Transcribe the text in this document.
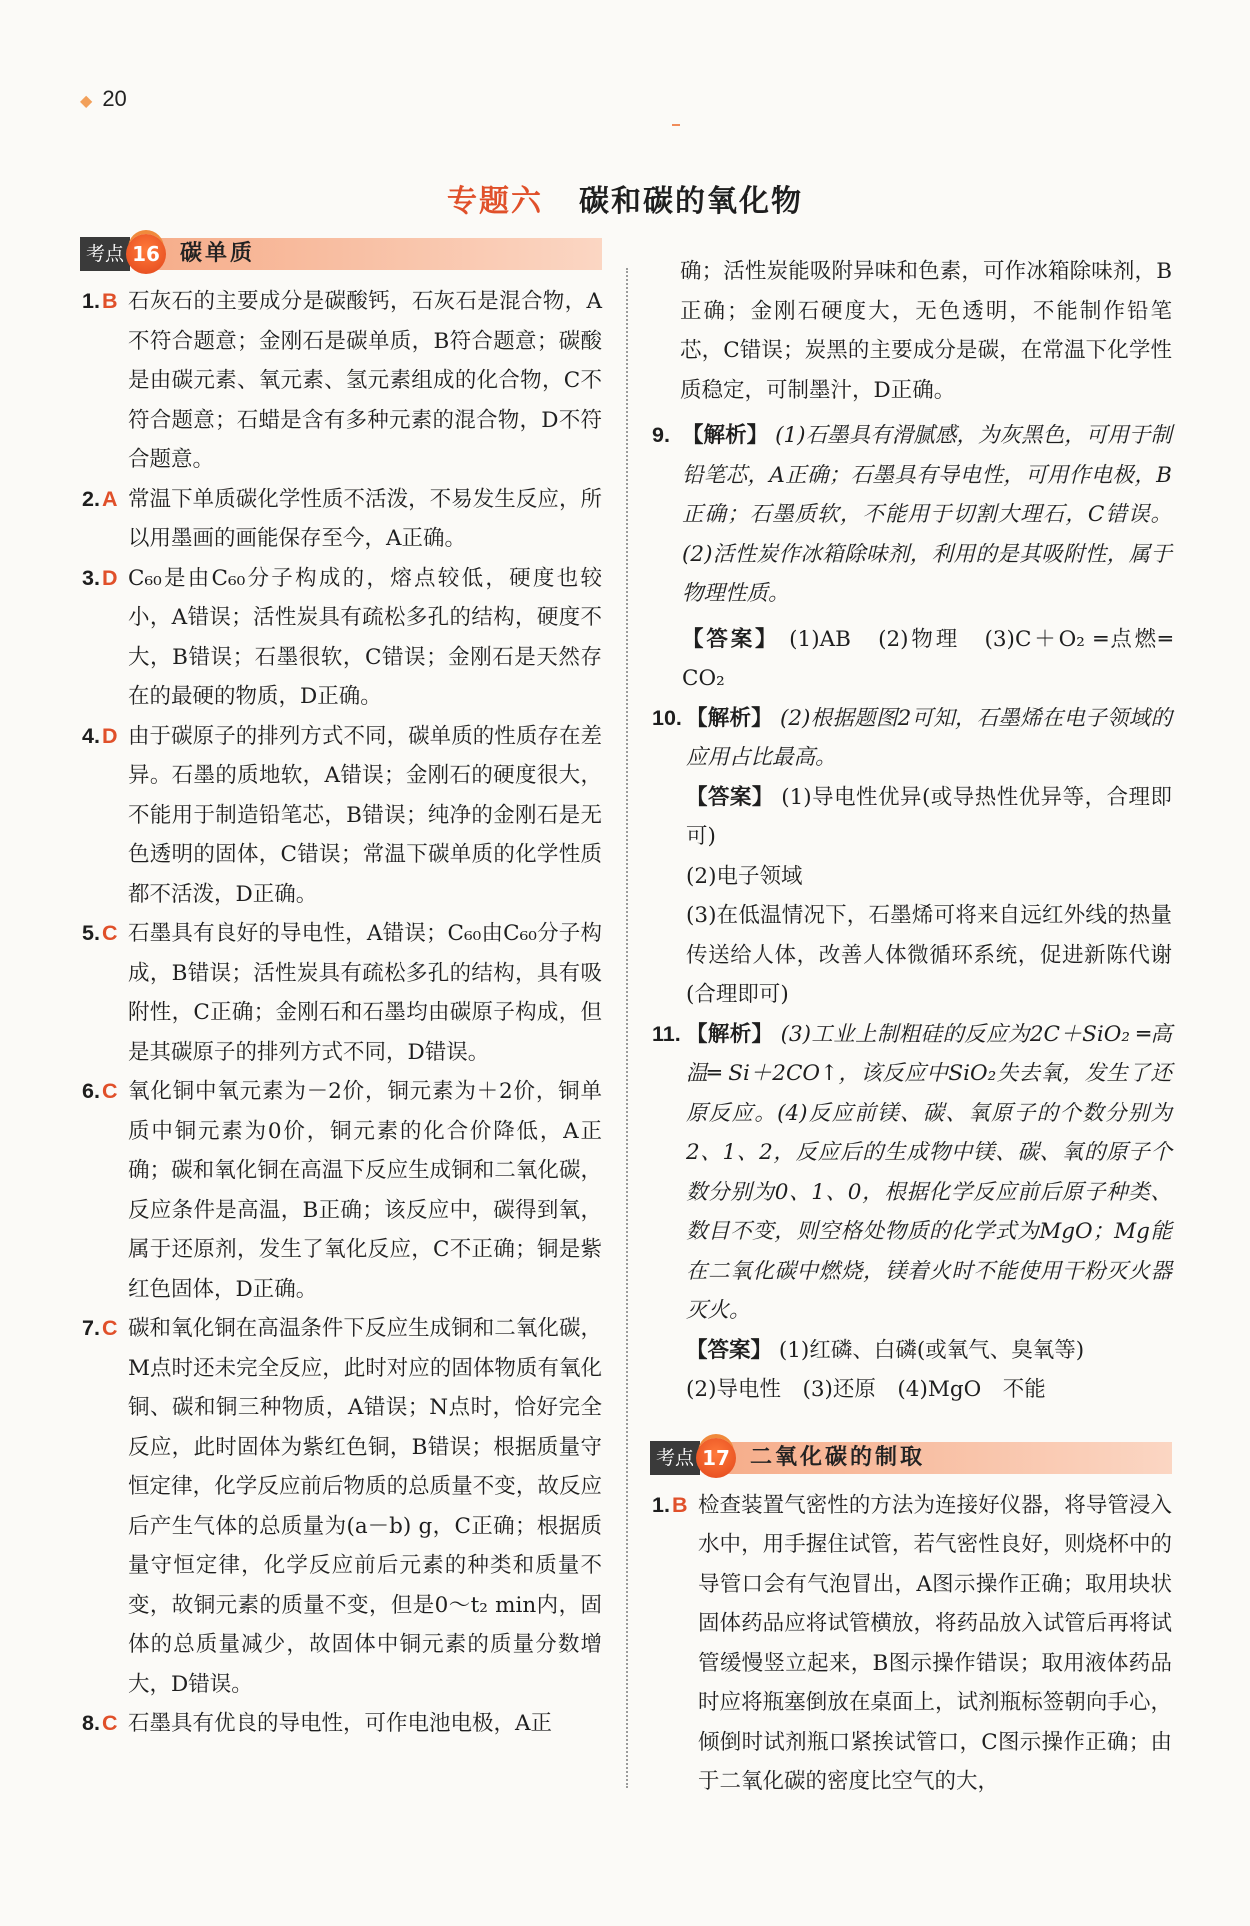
◆ 20
专题六 碳和碳的氧化物
考点 16 碳单质
1.B 石灰石的主要成分是碳酸钙，石灰石是混合物，A不符合题意；金刚石是碳单质，B符合题意；碳酸是由碳元素、氧元素、氢元素组成的化合物，C不符合题意；石蜡是含有多种元素的混合物，D不符合题意。
2.A 常温下单质碳化学性质不活泼，不易发生反应，所以用墨画的画能保存至今，A正确。
3.D C₆₀是由C₆₀分子构成的，熔点较低，硬度也较小，A错误；活性炭具有疏松多孔的结构，硬度不大，B错误；石墨很软，C错误；金刚石是天然存在的最硬的物质，D正确。
4.D 由于碳原子的排列方式不同，碳单质的性质存在差异。石墨的质地软，A错误；金刚石的硬度很大，不能用于制造铅笔芯，B错误；纯净的金刚石是无色透明的固体，C错误；常温下碳单质的化学性质都不活泼，D正确。
5.C 石墨具有良好的导电性，A错误；C₆₀由C₆₀分子构成，B错误；活性炭具有疏松多孔的结构，具有吸附性，C正确；金刚石和石墨均由碳原子构成，但是其碳原子的排列方式不同，D错误。
6.C 氧化铜中氧元素为－2价，铜元素为＋2价，铜单质中铜元素为0价，铜元素的化合价降低，A正确；碳和氧化铜在高温下反应生成铜和二氧化碳，反应条件是高温，B正确；该反应中，碳得到氧，属于还原剂，发生了氧化反应，C不正确；铜是紫红色固体，D正确。
7.C 碳和氧化铜在高温条件下反应生成铜和二氧化碳，M点时还未完全反应，此时对应的固体物质有氧化铜、碳和铜三种物质，A错误；N点时，恰好完全反应，此时固体为紫红色铜，B错误；根据质量守恒定律，化学反应前后物质的总质量不变，故反应后产生气体的总质量为(a－b) g，C正确；根据质量守恒定律，化学反应前后元素的种类和质量不变，故铜元素的质量不变，但是0～t₂ min内，固体的总质量减少，故固体中铜元素的质量分数增大，D错误。
8.C 石墨具有优良的导电性，可作电池电极，A正
确；活性炭能吸附异味和色素，可作冰箱除味剂，B正确；金刚石硬度大，无色透明，不能制作铅笔芯，C错误；炭黑的主要成分是碳，在常温下化学性质稳定，可制墨汁，D正确。
9. 【解析】 (1)石墨具有滑腻感，为灰黑色，可用于制铅笔芯，A正确；石墨具有导电性，可用作电极，B正确；石墨质软，不能用于切割大理石，C错误。(2)活性炭作冰箱除味剂，利用的是其吸附性，属于物理性质。
【答案】 (1)AB　(2)物理　(3)C＋O₂ ═点燃═ CO₂
10. 【解析】 (2)根据题图2可知，石墨烯在电子领域的应用占比最高。
【答案】 (1)导电性优异(或导热性优异等，合理即可)
(2)电子领域
(3)在低温情况下，石墨烯可将来自远红外线的热量传送给人体，改善人体微循环系统，促进新陈代谢(合理即可)
11. 【解析】 (3)工业上制粗硅的反应为2C＋SiO₂ ═高温═ Si＋2CO↑，该反应中SiO₂失去氧，发生了还原反应。(4)反应前镁、碳、氧原子的个数分别为2、1、2，反应后的生成物中镁、碳、氧的原子个数分别为0、1、0，根据化学反应前后原子种类、数目不变，则空格处物质的化学式为MgO；Mg能在二氧化碳中燃烧，镁着火时不能使用干粉灭火器灭火。
【答案】 (1)红磷、白磷(或氧气、臭氧等)
(2)导电性　(3)还原　(4)MgO　不能
考点 17 二氧化碳的制取
1.B 检查装置气密性的方法为连接好仪器，将导管浸入水中，用手握住试管，若气密性良好，则烧杯中的导管口会有气泡冒出，A图示操作正确；取用块状固体药品应将试管横放，将药品放入试管后再将试管缓慢竖立起来，B图示操作错误；取用液体药品时应将瓶塞倒放在桌面上，试剂瓶标签朝向手心，倾倒时试剂瓶口紧挨试管口，C图示操作正确；由于二氧化碳的密度比空气的大，
